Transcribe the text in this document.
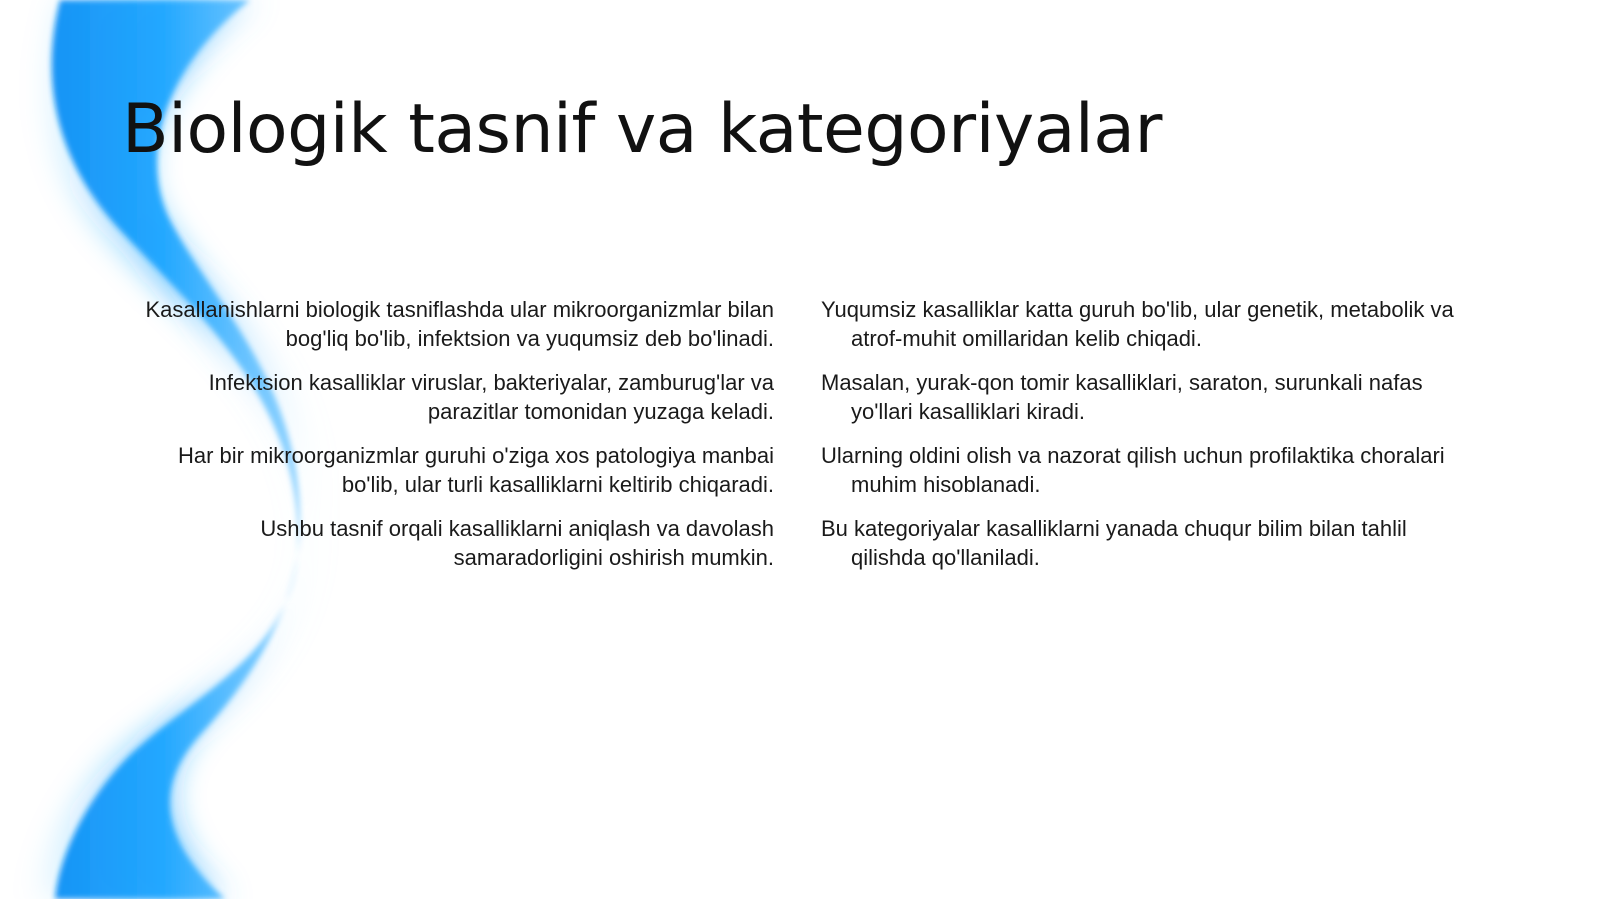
Biologik tasnif va kategoriyalar

Kasallanishlarni biologik tasniflashda ular mikroorganizmlar bilan bog'liq bo'lib, infektsion va yuqumsiz deb bo'linadi.

Infektsion kasalliklar viruslar, bakteriyalar, zamburug'lar va parazitlar tomonidan yuzaga keladi.

Har bir mikroorganizmlar guruhi o'ziga xos patologiya manbai bo'lib, ular turli kasalliklarni keltirib chiqaradi.

Ushbu tasnif orqali kasalliklarni aniqlash va davolash samaradorligini oshirish mumkin.

Yuqumsiz kasalliklar katta guruh bo'lib, ular genetik, metabolik va atrof-muhit omillaridan kelib chiqadi.

Masalan, yurak-qon tomir kasalliklari, saraton, surunkali nafas yo'llari kasalliklari kiradi.

Ularning oldini olish va nazorat qilish uchun profilaktika choralari muhim hisoblanadi.

Bu kategoriyalar kasalliklarni yanada chuqur bilim bilan tahlil qilishda qo'llaniladi.
